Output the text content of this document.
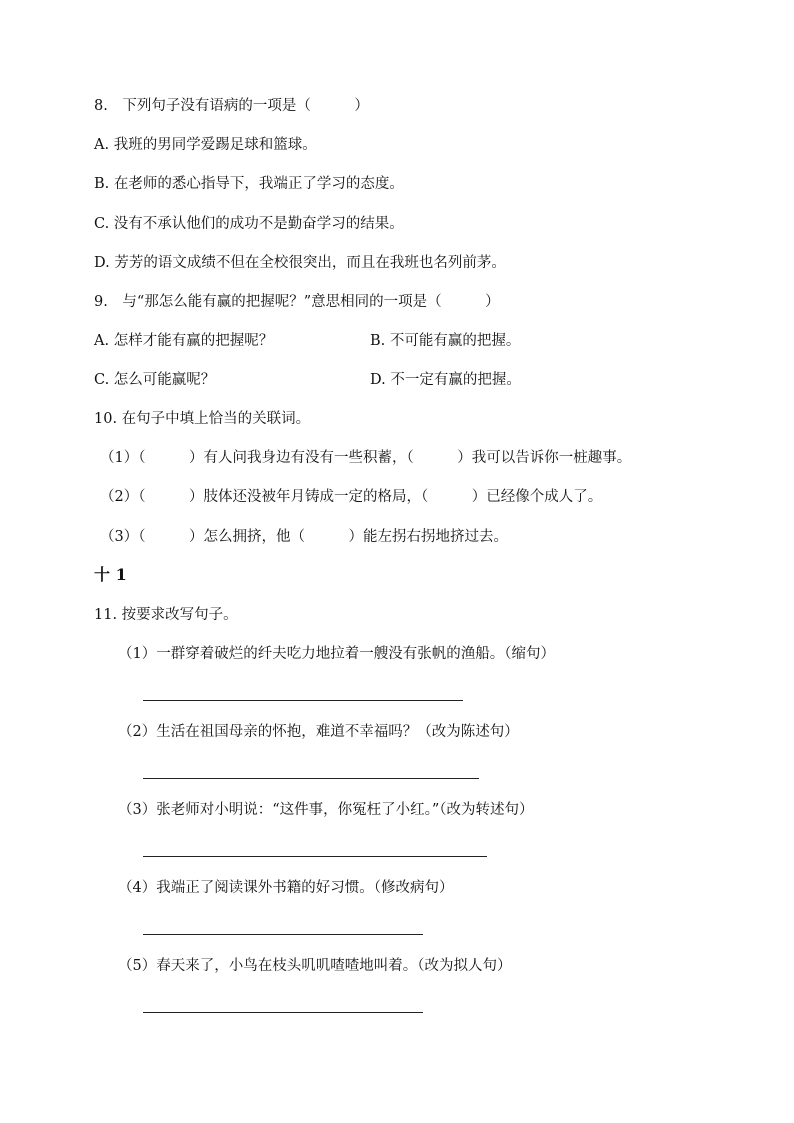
8.　下列句子没有语病的一项是（　　　）
A. 我班的男同学爱踢足球和篮球。
B. 在老师的悉心指导下，我端正了学习的态度。
C. 没有不承认他们的成功不是勤奋学习的结果。
D. 芳芳的语文成绩不但在全校很突出，而且在我班也名列前茅。
9.　与“那怎么能有赢的把握呢？”意思相同的一项是（　　　）
A. 怎样才能有赢的把握呢？	B. 不可能有赢的把握。
C. 怎么可能赢呢？	D. 不一定有赢的把握。
10. 在句子中填上恰当的关联词。
（1）（　　　）有人问我身边有没有一些积蓄，（　　　）我可以告诉你一桩趣事。
（2）（　　　）肢体还没被年月铸成一定的格局，（　　　）已经像个成人了。
（3）（　　　）怎么拥挤，他（　　　）能左拐右拐地挤过去。
十 1
11. 按要求改写句子。
（1）一群穿着破烂的纤夫吃力地拉着一艘没有张帆的渔船。（缩句）
（2）生活在祖国母亲的怀抱，难道不幸福吗？（改为陈述句）
（3）张老师对小明说：“这件事，你冤枉了小红。”（改为转述句）
（4）我端正了阅读课外书籍的好习惯。（修改病句）
（5）春天来了，小鸟在枝头叽叽喳喳地叫着。（改为拟人句）
